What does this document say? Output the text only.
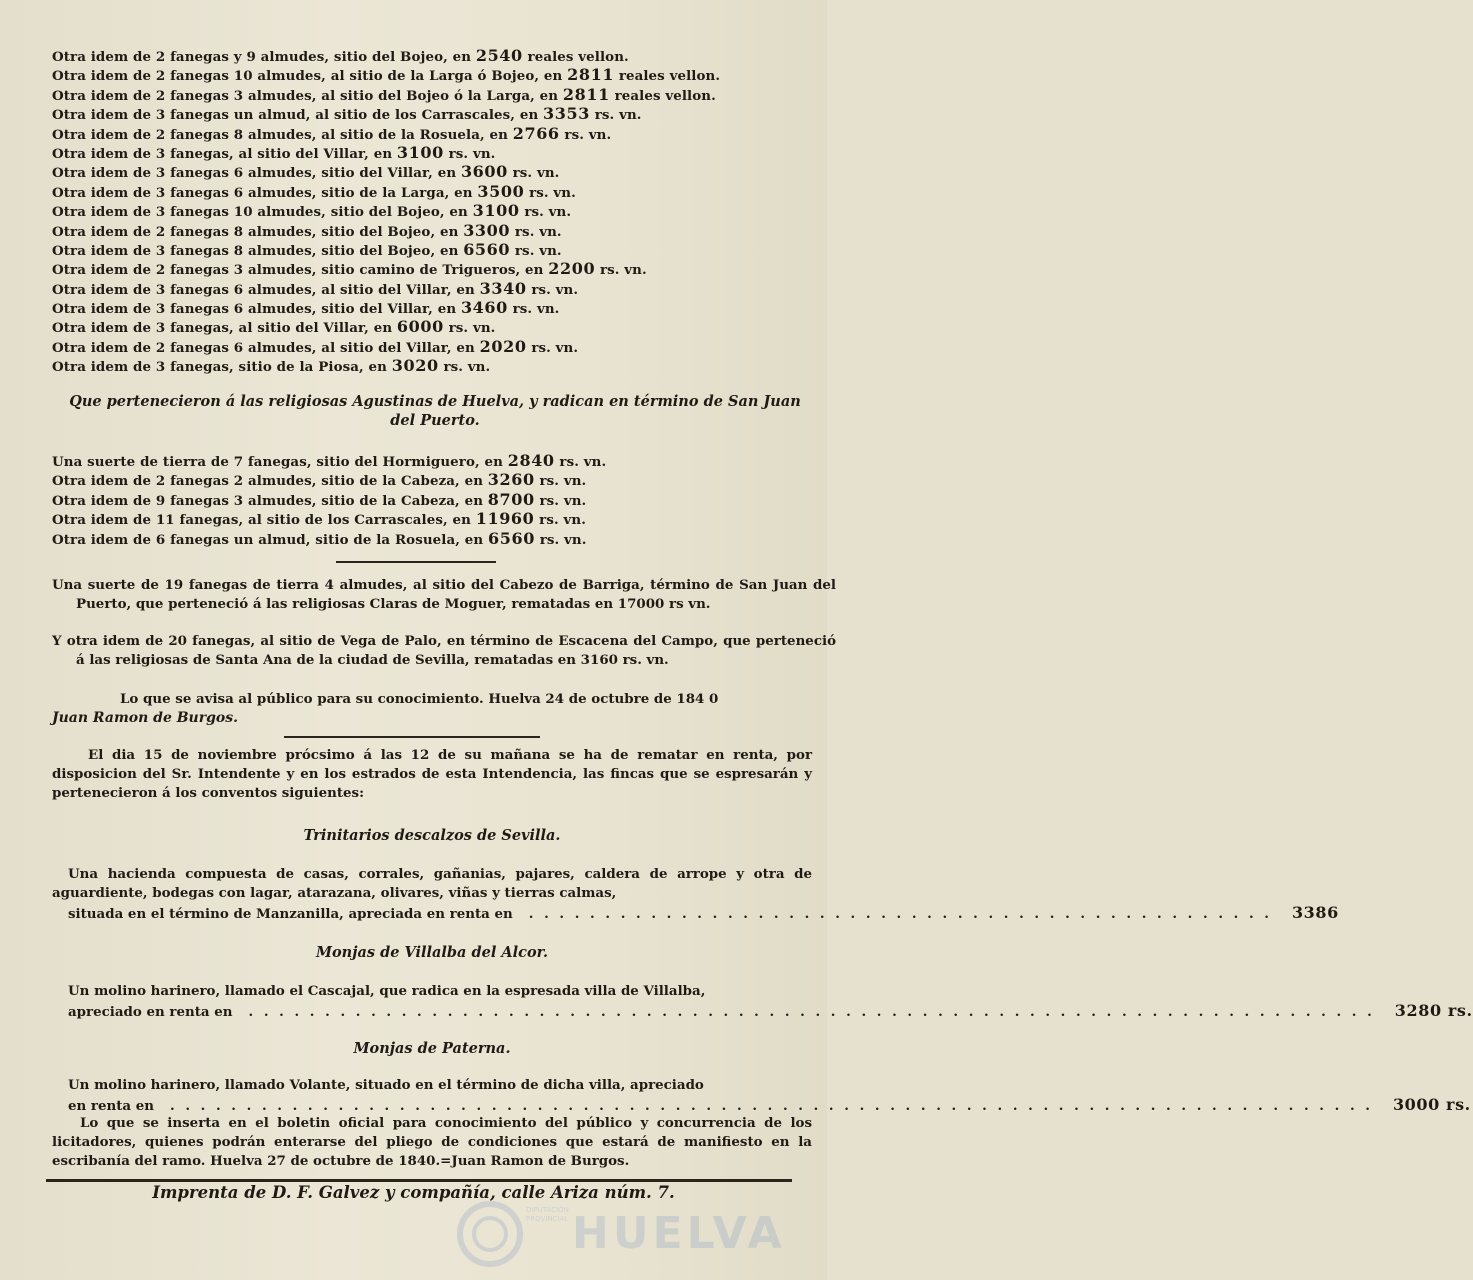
Otra idem de 2 fanegas y 9 almudes, sitio del Bojeo, en 2540 reales vellon.
Otra idem de 2 fanegas 10 almudes, al sitio de la Larga ó Bojeo, en 2811 reales vellon.
Otra idem de 2 fanegas 3 almudes, al sitio del Bojeo ó la Larga, en 2811 reales vellon.
Otra idem de 3 fanegas un almud, al sitio de los Carrascales, en 3353 rs. vn.
Otra idem de 2 fanegas 8 almudes, al sitio de la Rosuela, en 2766 rs. vn.
Otra idem de 3 fanegas, al sitio del Villar, en 3100 rs. vn.
Otra idem de 3 fanegas 6 almudes, sitio del Villar, en 3600 rs. vn.
Otra idem de 3 fanegas 6 almudes, sitio de la Larga, en 3500 rs. vn.
Otra idem de 3 fanegas 10 almudes, sitio del Bojeo, en 3100 rs. vn.
Otra idem de 2 fanegas 8 almudes, sitio del Bojeo, en 3300 rs. vn.
Otra idem de 3 fanegas 8 almudes, sitio del Bojeo, en 6560 rs. vn.
Otra idem de 2 fanegas 3 almudes, sitio camino de Trigueros, en 2200 rs. vn.
Otra idem de 3 fanegas 6 almudes, al sitio del Villar, en 3340 rs. vn.
Otra idem de 3 fanegas 6 almudes, sitio del Villar, en 3460 rs. vn.
Otra idem de 3 fanegas, al sitio del Villar, en 6000 rs. vn.
Otra idem de 2 fanegas 6 almudes, al sitio del Villar, en 2020 rs. vn.
Otra idem de 3 fanegas, sitio de la Piosa, en 3020 rs. vn.
Que pertenecieron á las religiosas Agustinas de Huelva, y radican en término de San Juan del Puerto.
Una suerte de tierra de 7 fanegas, sitio del Hormiguero, en 2840 rs. vn.
Otra idem de 2 fanegas 2 almudes, sitio de la Cabeza, en 3260 rs. vn.
Otra idem de 9 fanegas 3 almudes, sitio de la Cabeza, en 8700 rs. vn.
Otra idem de 11 fanegas, al sitio de los Carrascales, en 11960 rs. vn.
Otra idem de 6 fanegas un almud, sitio de la Rosuela, en 6560 rs. vn.
Una suerte de 19 fanegas de tierra 4 almudes, al sitio del Cabezo de Barriga, término de San Juan del Puerto, que perteneció á las religiosas Claras de Moguer, rematadas en 17000 rs vn.
Y otra idem de 20 fanegas, al sitio de Vega de Palo, en término de Escacena del Campo, que perteneció á las religiosas de Santa Ana de la ciudad de Sevilla, rematadas en 3160 rs. vn.
Lo que se avisa al público para su conocimiento. Huelva 24 de octubre de 184 0
Juan Ramon de Burgos.
El dia 15 de noviembre prócsimo á las 12 de su mañana se ha de rematar en renta, por disposicion del Sr. Intendente y en los estrados de esta Intendencia, las fincas que se espresarán y pertenecieron á los conventos siguientes:
Trinitarios descalzos de Sevilla.
Una hacienda compuesta de casas, corrales, gañanias, pajares, caldera de arrope y otra de aguardiente, bodegas con lagar, atarazana, olivares, viñas y tierras calmas,
situada en el término de Manzanilla, apreciada en renta en	. . . . . . . . . . . . . . . . . . . . . . . . . . . . . . . . . . . . . . . . . . . . . . . . .	3386
Monjas de Villalba del Alcor.
Un molino harinero, llamado el Cascajal, que radica en la espresada villa de Villalba,
apreciado en renta en	. . . . . . . . . . . . . . . . . . . . . . . . . . . . . . . . . . . . . . . . . . . . . . . . . . . . . . . . . . . . . . . . . . . . . . . . . .	3280 rs.
Monjas de Paterna.
Un molino harinero, llamado Volante, situado en el término de dicha villa, apreciado
en renta en	. . . . . . . . . . . . . . . . . . . . . . . . . . . . . . . . . . . . . . . . . . . . . . . . . . . . . . . . . . . . . . . . . . . . . . . . . . . . . . .	3000 rs.
Lo que se inserta en el boletin oficial para conocimiento del público y concurrencia de los licitadores, quienes podrán enterarse del pliego de condiciones que estará de manifiesto en la escribanía del ramo. Huelva 27 de octubre de 1840.=Juan Ramon de Burgos.
Imprenta de D. F. Galvez y compañía, calle Ariza núm. 7.
DIPUTACIÓN PROVINCIAL HUELVA
